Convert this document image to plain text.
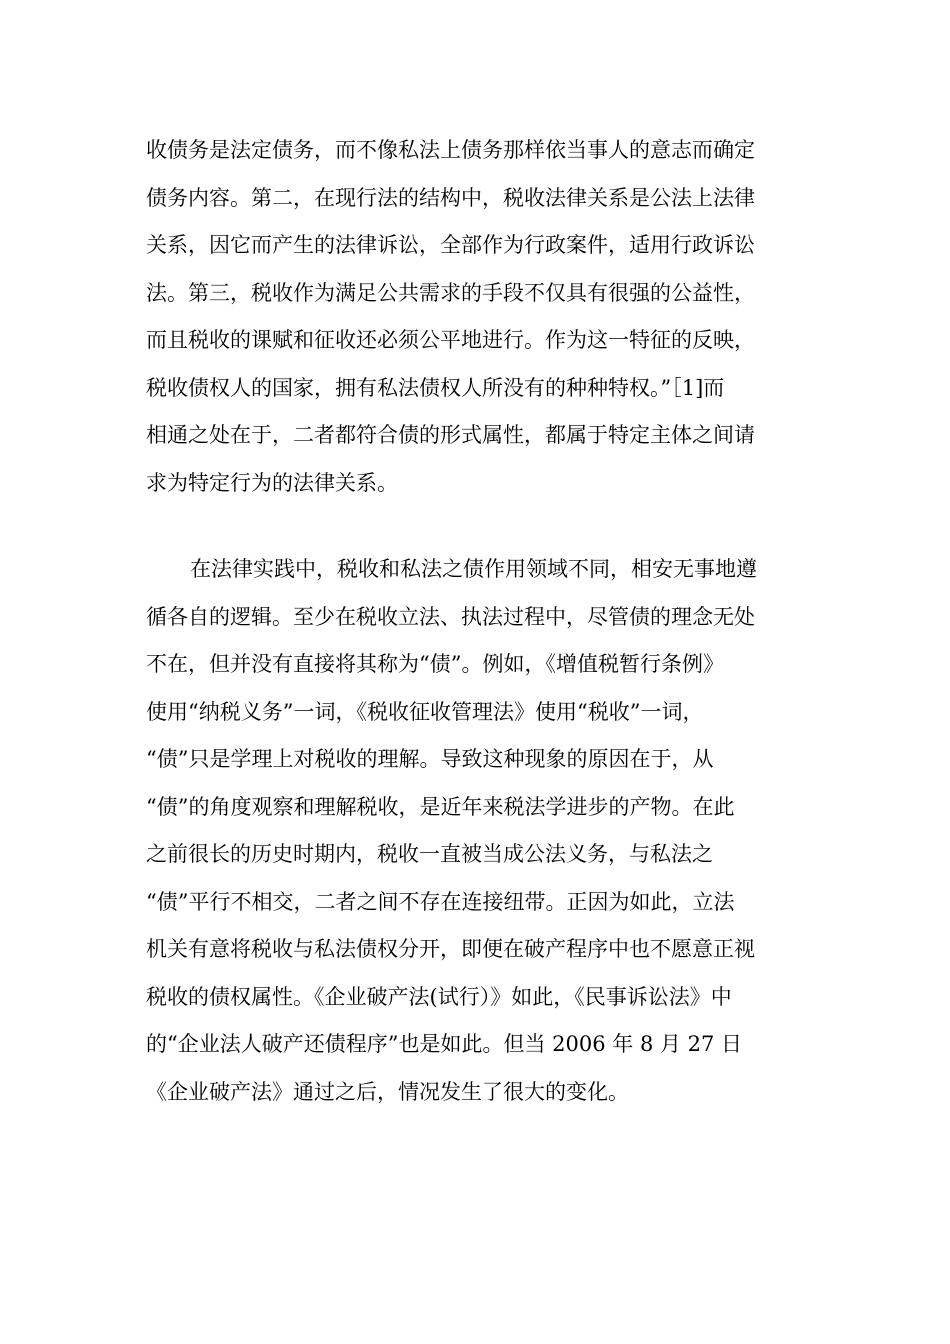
收债务是法定债务，而不像私法上债务那样依当事人的意志而确定
债务内容。第二，在现行法的结构中，税收法律关系是公法上法律
关系，因它而产生的法律诉讼，全部作为行政案件，适用行政诉讼
法。第三，税收作为满足公共需求的手段不仅具有很强的公益性，
而且税收的课赋和征收还必须公平地进行。作为这一特征的反映，
税收债权人的国家，拥有私法债权人所没有的种种特权。”［1]而
相通之处在于，二者都符合债的形式属性，都属于特定主体之间请
求为特定行为的法律关系。
在法律实践中，税收和私法之债作用领域不同，相安无事地遵
循各自的逻辑。至少在税收立法、执法过程中，尽管债的理念无处
不在，但并没有直接将其称为“债”。例如，《增值税暂行条例》
使用“纳税义务”一词，《税收征收管理法》使用“税收”一词，
“债”只是学理上对税收的理解。导致这种现象的原因在于，从
“债”的角度观察和理解税收，是近年来税法学进步的产物。在此
之前很长的历史时期内，税收一直被当成公法义务，与私法之
“债”平行不相交，二者之间不存在连接纽带。正因为如此，立法
机关有意将税收与私法债权分开，即便在破产程序中也不愿意正视
税收的债权属性。《企业破产法(试行）》如此，《民事诉讼法》中
的“企业法人破产还债程序”也是如此。但当 2006 年 8 月 27 日
《企业破产法》通过之后，情况发生了很大的变化。
